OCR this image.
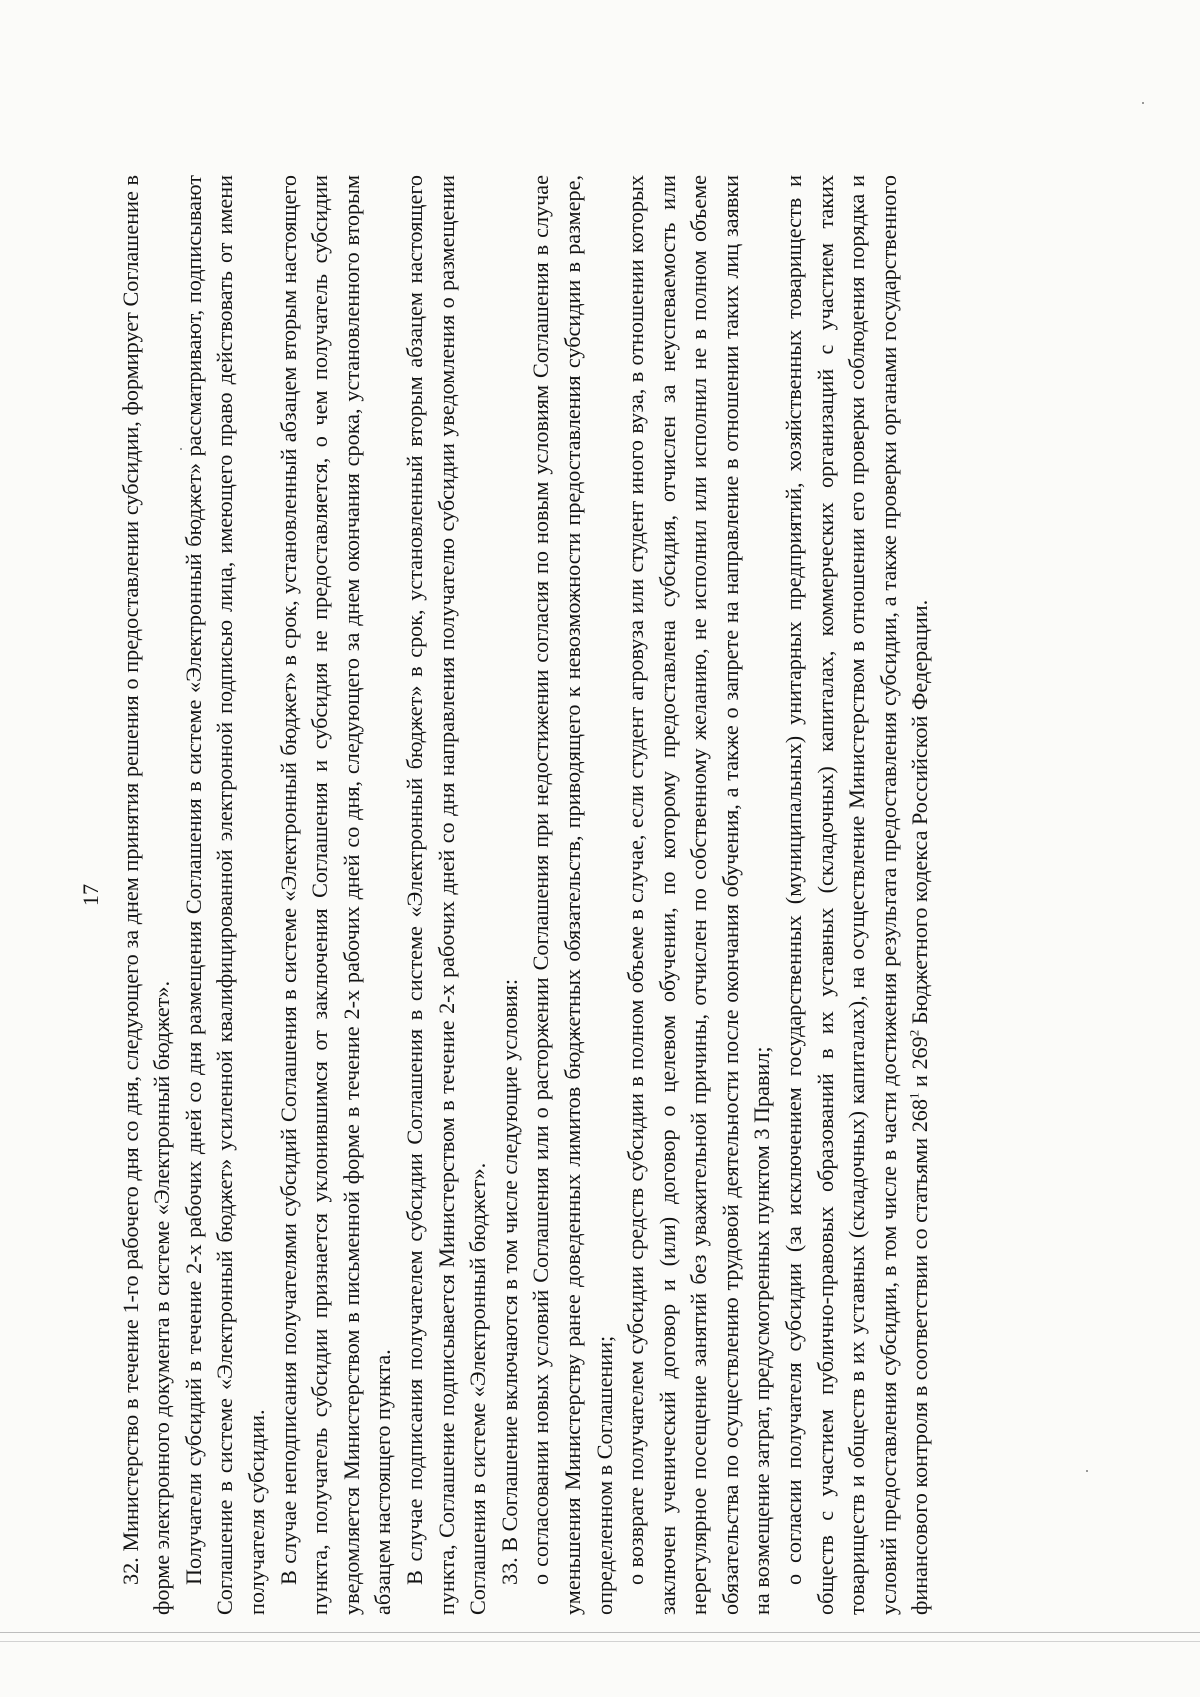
17 32. Министерство в течение 1-го рабочего дня со дня, следующего за днем принятия решения о предоставлении субсидии, формирует Соглашение в форме электронного документа в системе «Электронный бюджет». Получатели субсидий в течение 2-х рабочих дней со дня размещения Соглашения в системе «Электронный бюджет» рассматривают, подписывают Соглашение в системе «Электронный бюджет» усиленной квалифицированной электронной подписью лица, имеющего право действовать от имени получателя субсидии. В случае неподписания получателями субсидий Соглашения в системе «Электронный бюджет» в срок, установленный абзацем вторым настоящего пункта, получатель субсидии признается уклонившимся от заключения Соглашения и субсидия не предоставляется, о чем получатель субсидии уведомляется Министерством в письменной форме в течение 2-х рабочих дней со дня, следующего за днем окончания срока, установленного вторым абзацем настоящего пункта. В случае подписания получателем субсидии Соглашения в системе «Электронный бюджет» в срок, установленный вторым абзацем настоящего пункта, Соглашение подписывается Министерством в течение 2-х рабочих дней со дня направления получателю субсидии уведомления о размещении Соглашения в системе «Электронный бюджет». 33. В Соглашение включаются в том числе следующие условия: о согласовании новых условий Соглашения или о расторжении Соглашения при недостижении согласия по новым условиям Соглашения в случае уменьшения Министерству ранее доведенных лимитов бюджетных обязательств, приводящего к невозможности предоставления субсидии в размере, определенном в Соглашении; о возврате получателем субсидии средств субсидии в полном объеме в случае, если студент агровуза или студент иного вуза, в отношении которых заключен ученический договор и (или) договор о целевом обучении, по которому предоставлена субсидия, отчислен за неуспеваемость или нерегулярное посещение занятий без уважительной причины, отчислен по собственному желанию, не исполнил или исполнил не в полном объеме обязательства по осуществлению трудовой деятельности после окончания обучения, а также о запрете на направление в отношении таких лиц заявки на возмещение затрат, предусмотренных пунктом 3 Правил; о согласии получателя субсидии (за исключением государственных (муниципальных) унитарных предприятий, хозяйственных товариществ и обществ с участием публично-правовых образований в их уставных (складочных) капиталах, коммерческих организаций с участием таких товариществ и обществ в их уставных (складочных) капиталах), на осуществление Министерством в отношении его проверки соблюдения порядка и условий предоставления субсидии, в том числе в части достижения результата предоставления субсидии, а также проверки органами государственного финансового контроля в соответствии со статьями $268^1$ и $269^2$ Бюджетного кодекса Российской Федерации.
